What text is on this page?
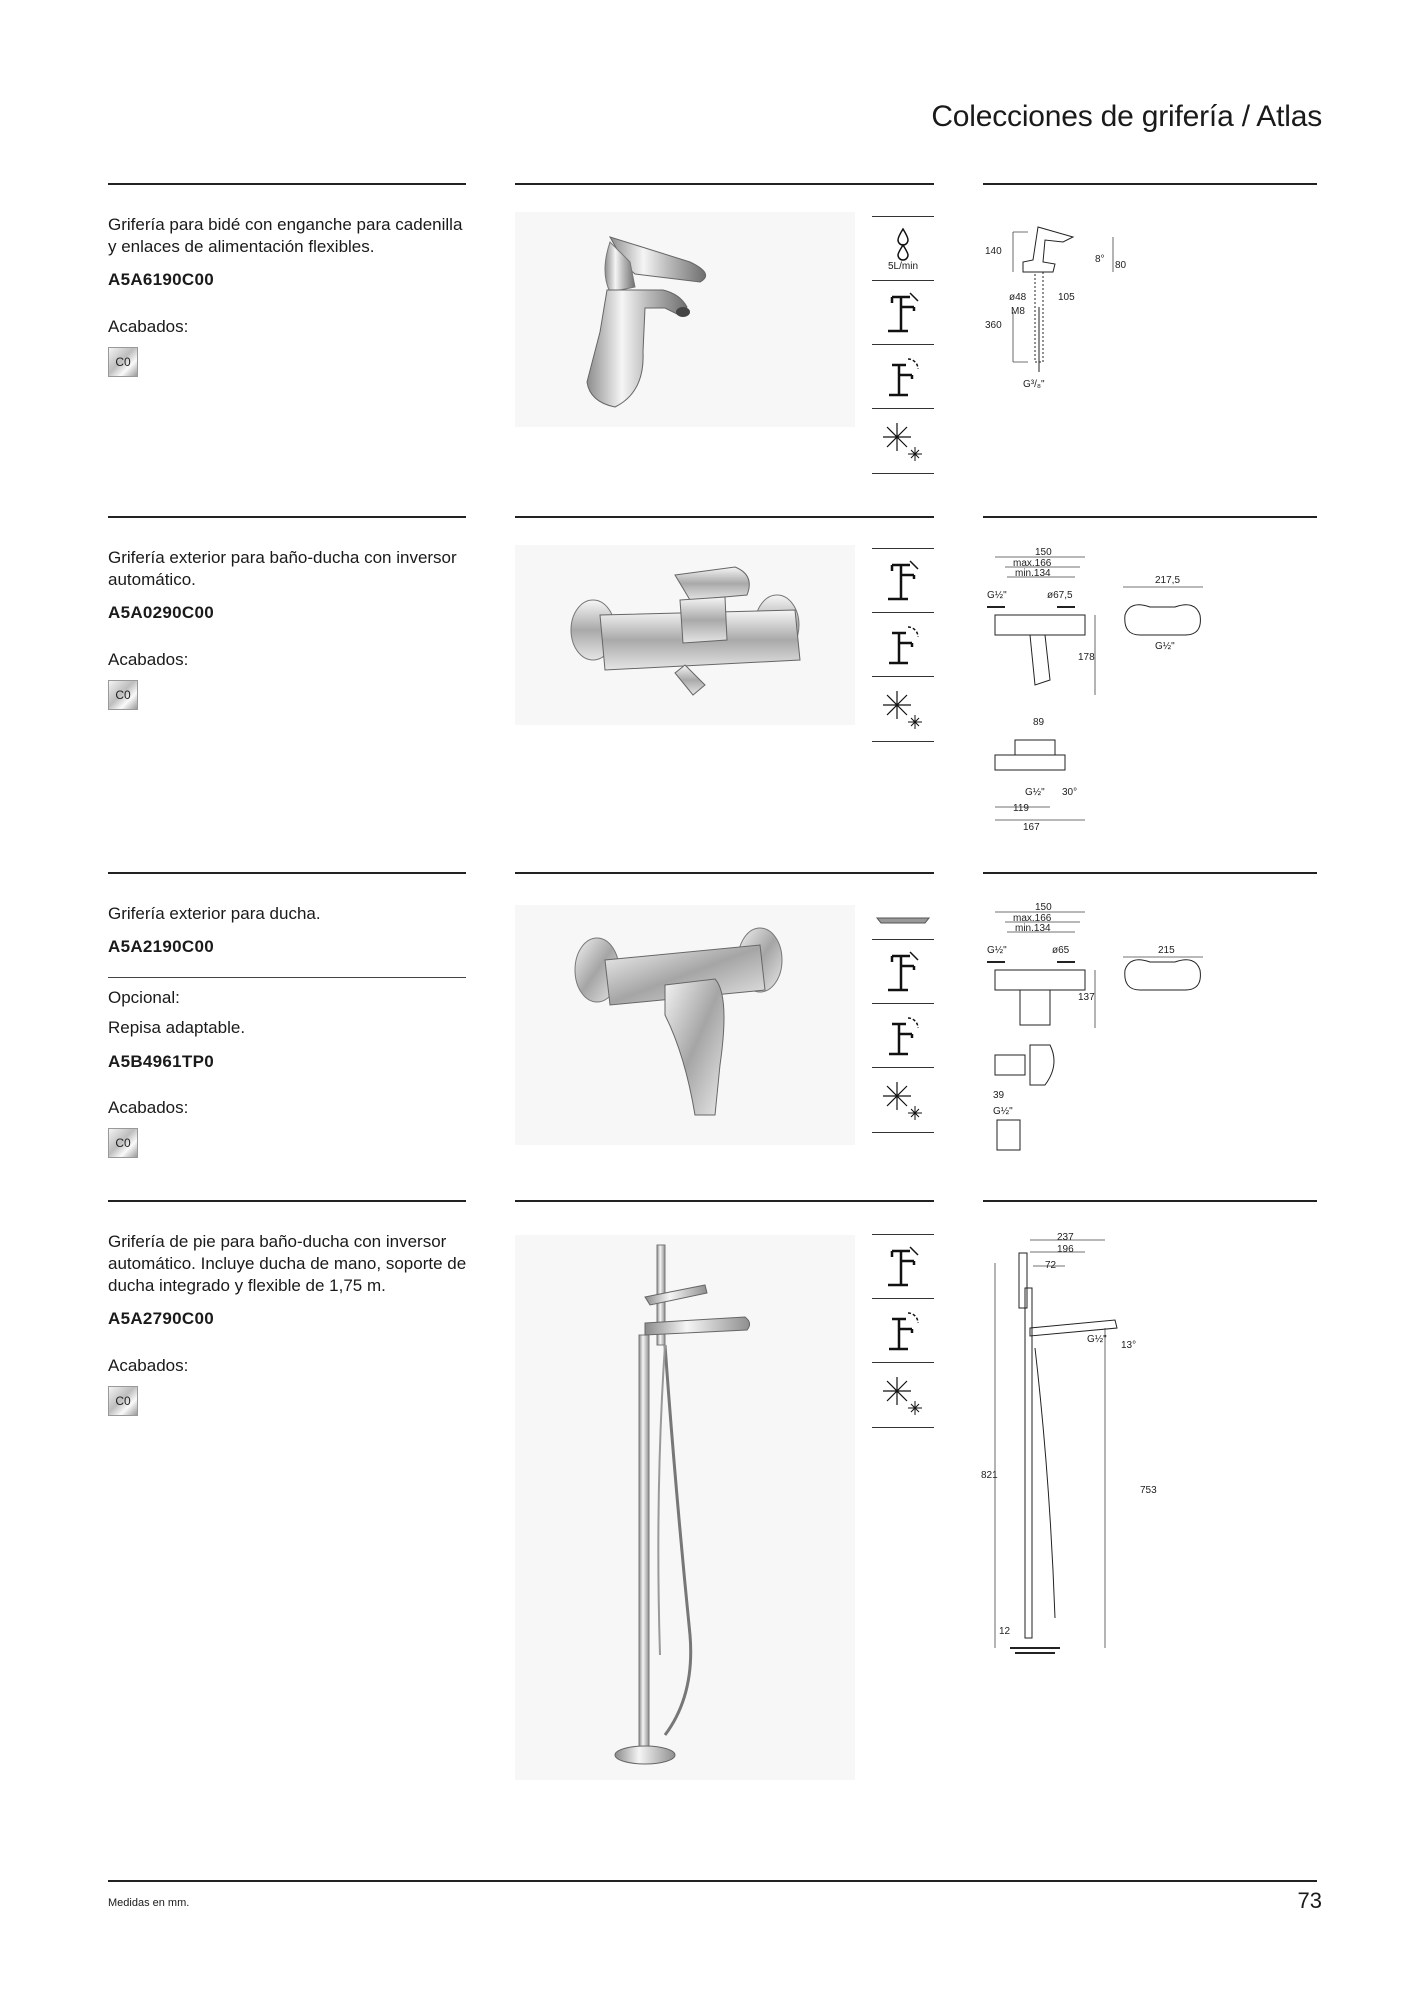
Colecciones de grifería / Atlas
Grifería para bidé con enganche para cadenilla y enlaces de alimentación flexibles.
A5A6190C00
Acabados:
C0
5L/min
140
8°
80
ø48
M8
105
360
G³/₈"
Grifería exterior para baño-ducha con inversor automático.
A5A0290C00
Acabados:
C0
150
max.166
min.134
G½"	ø67,5
178
217,5
G½"
89
G½" 30°
119
167
Grifería exterior para ducha.
A5A2190C00
Opcional:
Repisa adaptable.
A5B4961TP0
Acabados:
C0
150
max.166
min.134
G½"	ø65
137
215
39
G½"
Grifería de pie para baño-ducha con inversor automático. Incluye ducha de mano, soporte de ducha integrado y flexible de 1,75 m.
A5A2790C00
Acabados:
C0
237
196
72
G½"
13°
821
753
12
Medidas en mm.	73
